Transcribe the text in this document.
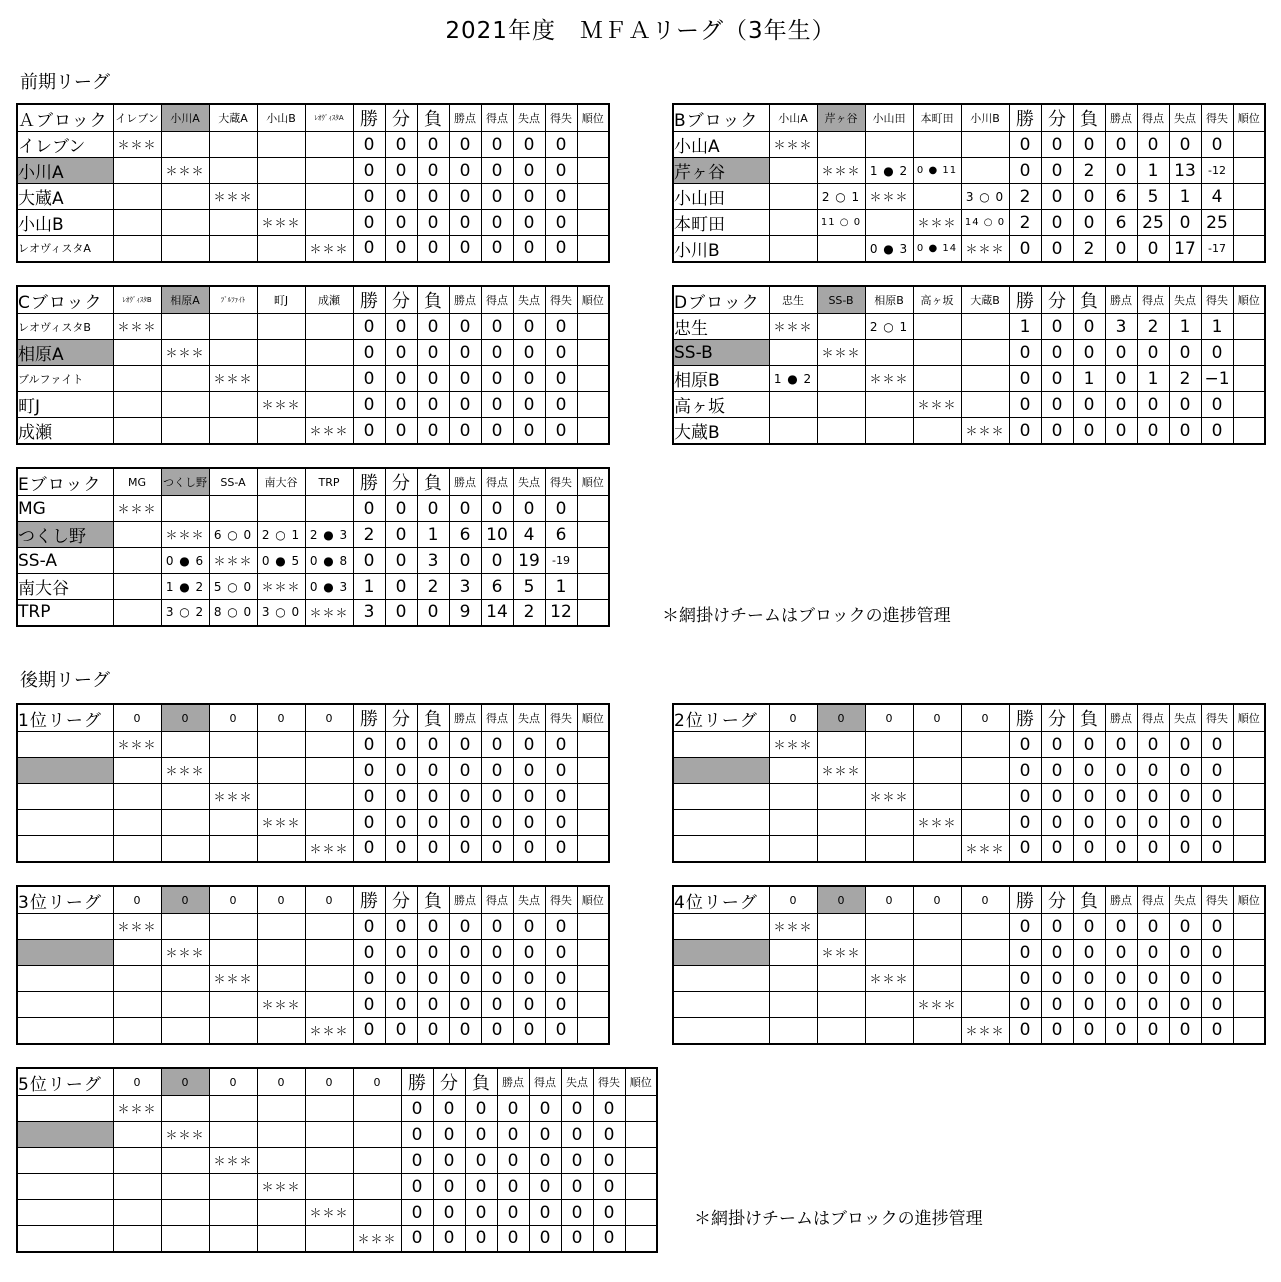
2021年度　ＭＦＡリーグ（3年生）
前期リーグ
後期リーグ
＊網掛けチームはブロックの進捗管理
＊網掛けチームはブロックの進捗管理
Ａブロック	イレブン	小川A	大蔵A	小山B	ﾚｵｳﾞｨｽﾀA	勝	分	負	勝点	得点	失点	得失	順位
イレブン	＊＊＊					0	0	0	0	0	0	0	
小川A		＊＊＊				0	0	0	0	0	0	0	
大蔵A			＊＊＊			0	0	0	0	0	0	0	
小山B				＊＊＊		0	0	0	0	0	0	0	
レオヴィスタA					＊＊＊	0	0	0	0	0	0	0	
Bブロック	小山A	芹ヶ谷	小山田	本町田	小川B	勝	分	負	勝点	得点	失点	得失	順位
小山A	＊＊＊					0	0	0	0	0	0	0	
芹ヶ谷		＊＊＊	1 ● 2	0 ● 11		0	0	2	0	1	13	-12	
小山田		2 ○ 1	＊＊＊		3 ○ 0	2	0	0	6	5	1	4	
本町田		11 ○ 0		＊＊＊	14 ○ 0	2	0	0	6	25	0	25	
小川B			0 ● 3	0 ● 14	＊＊＊	0	0	2	0	0	17	-17	
Cブロック	ﾚｵｳﾞｨｽﾀB	相原A	ﾌﾞﾙﾌｧｲﾄ	町J	成瀬	勝	分	負	勝点	得点	失点	得失	順位
レオヴィスタB	＊＊＊					0	0	0	0	0	0	0	
相原A		＊＊＊				0	0	0	0	0	0	0	
ブルファイト			＊＊＊			0	0	0	0	0	0	0	
町J				＊＊＊		0	0	0	0	0	0	0	
成瀬					＊＊＊	0	0	0	0	0	0	0	
Dブロック	忠生	SS-B	相原B	高ヶ坂	大蔵B	勝	分	負	勝点	得点	失点	得失	順位
忠生	＊＊＊		2 ○ 1			1	0	0	3	2	1	1	
SS-B		＊＊＊				0	0	0	0	0	0	0	
相原B	1 ● 2		＊＊＊			0	0	1	0	1	2	−1	
高ヶ坂				＊＊＊		0	0	0	0	0	0	0	
大蔵B					＊＊＊	0	0	0	0	0	0	0	
Eブロック	MG	つくし野	SS-A	南大谷	TRP	勝	分	負	勝点	得点	失点	得失	順位
MG	＊＊＊					0	0	0	0	0	0	0	
つくし野		＊＊＊	6 ○ 0	2 ○ 1	2 ● 3	2	0	1	6	10	4	6	
SS-A		0 ● 6	＊＊＊	0 ● 5	0 ● 8	0	0	3	0	0	19	-19	
南大谷		1 ● 2	5 ○ 0	＊＊＊	0 ● 3	1	0	2	3	6	5	1	
TRP		3 ○ 2	8 ○ 0	3 ○ 0	＊＊＊	3	0	0	9	14	2	12	
1位リーグ	0	0	0	0	0	勝	分	負	勝点	得点	失点	得失	順位
	＊＊＊					0	0	0	0	0	0	0	
		＊＊＊				0	0	0	0	0	0	0	
			＊＊＊			0	0	0	0	0	0	0	
				＊＊＊		0	0	0	0	0	0	0	
					＊＊＊	0	0	0	0	0	0	0	
2位リーグ	0	0	0	0	0	勝	分	負	勝点	得点	失点	得失	順位
	＊＊＊					0	0	0	0	0	0	0	
		＊＊＊				0	0	0	0	0	0	0	
			＊＊＊			0	0	0	0	0	0	0	
				＊＊＊		0	0	0	0	0	0	0	
					＊＊＊	0	0	0	0	0	0	0	
3位リーグ	0	0	0	0	0	勝	分	負	勝点	得点	失点	得失	順位
	＊＊＊					0	0	0	0	0	0	0	
		＊＊＊				0	0	0	0	0	0	0	
			＊＊＊			0	0	0	0	0	0	0	
				＊＊＊		0	0	0	0	0	0	0	
					＊＊＊	0	0	0	0	0	0	0	
4位リーグ	0	0	0	0	0	勝	分	負	勝点	得点	失点	得失	順位
	＊＊＊					0	0	0	0	0	0	0	
		＊＊＊				0	0	0	0	0	0	0	
			＊＊＊			0	0	0	0	0	0	0	
				＊＊＊		0	0	0	0	0	0	0	
					＊＊＊	0	0	0	0	0	0	0	
5位リーグ	0	0	0	0	0	0	勝	分	負	勝点	得点	失点	得失	順位
	＊＊＊						0	0	0	0	0	0	0	
		＊＊＊					0	0	0	0	0	0	0	
			＊＊＊				0	0	0	0	0	0	0	
				＊＊＊			0	0	0	0	0	0	0	
					＊＊＊		0	0	0	0	0	0	0	
						＊＊＊	0	0	0	0	0	0	0	
